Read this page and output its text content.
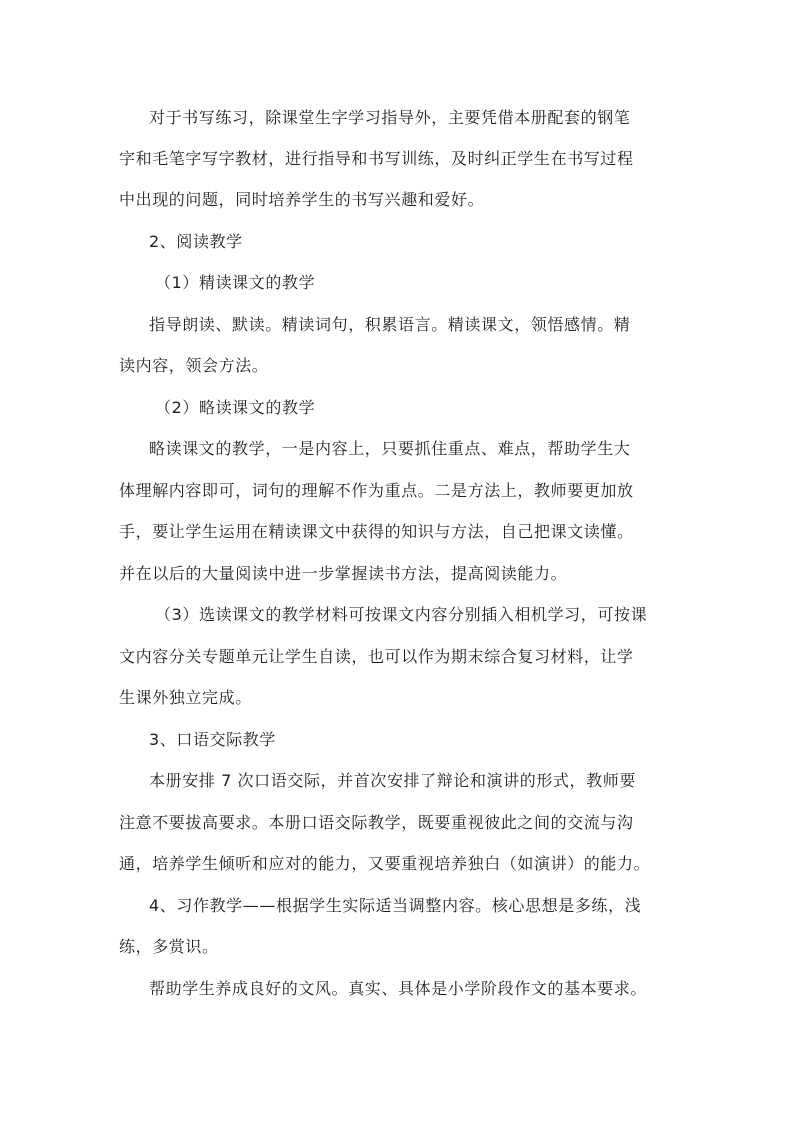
对于书写练习，除课堂生字学习指导外，主要凭借本册配套的钢笔

字和毛笔字写字教材，进行指导和书写训练，及时纠正学生在书写过程

中出现的问题，同时培养学生的书写兴趣和爱好。

2、阅读教学

（1）精读课文的教学

指导朗读、默读。精读词句，积累语言。精读课文，领悟感情。精

读内容，领会方法。

（2）略读课文的教学

略读课文的教学，一是内容上，只要抓住重点、难点，帮助学生大

体理解内容即可，词句的理解不作为重点。二是方法上，教师要更加放

手，要让学生运用在精读课文中获得的知识与方法，自己把课文读懂。

并在以后的大量阅读中进一步掌握读书方法，提高阅读能力。

（3）选读课文的教学材料可按课文内容分别插入相机学习，可按课

文内容分关专题单元让学生自读，也可以作为期末综合复习材料，让学

生课外独立完成。

3、口语交际教学

本册安排 7 次口语交际，并首次安排了辩论和演讲的形式，教师要

注意不要拔高要求。本册口语交际教学，既要重视彼此之间的交流与沟

通，培养学生倾听和应对的能力，又要重视培养独白（如演讲）的能力。

4、习作教学——根据学生实际适当调整内容。核心思想是多练，浅

练，多赏识。

帮助学生养成良好的文风。真实、具体是小学阶段作文的基本要求。
